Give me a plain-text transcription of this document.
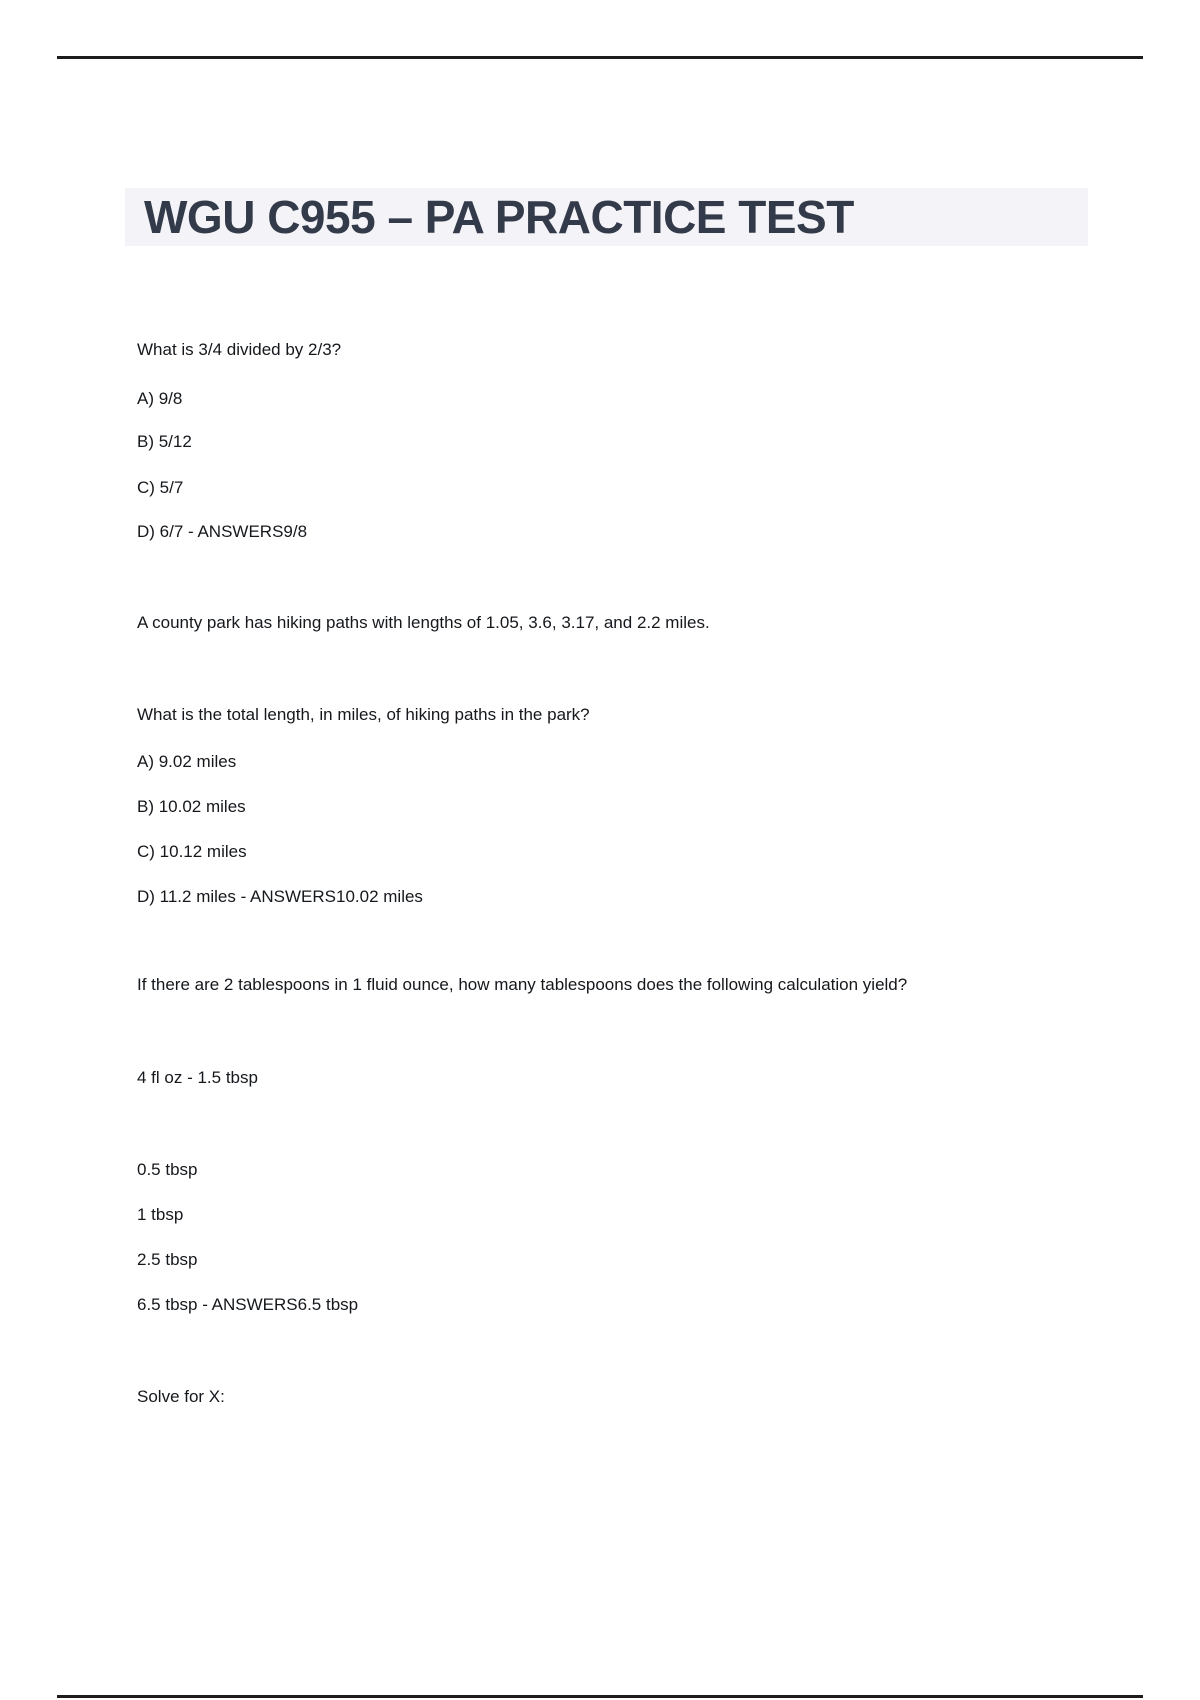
WGU C955 – PA PRACTICE TEST
What is 3/4 divided by 2/3?
A) 9/8
B) 5/12
C) 5/7
D) 6/7 - ANSWERS9/8
A county park has hiking paths with lengths of 1.05, 3.6, 3.17, and 2.2 miles.
What is the total length, in miles, of hiking paths in the park?
A) 9.02 miles
B) 10.02 miles
C) 10.12 miles
D) 11.2 miles - ANSWERS10.02 miles
If there are 2 tablespoons in 1 fluid ounce, how many tablespoons does the following calculation yield?
4 fl oz - 1.5 tbsp
0.5 tbsp
1 tbsp
2.5 tbsp
6.5 tbsp - ANSWERS6.5 tbsp
Solve for X:
